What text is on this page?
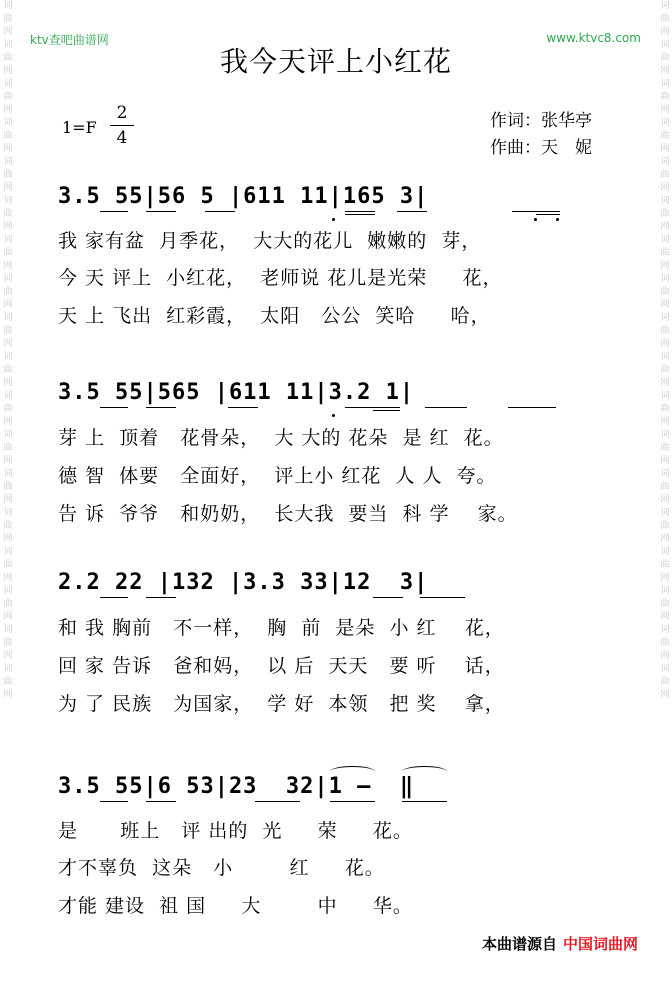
词
曲
网
词
曲
网
词
曲
网
词
曲
网
词
曲
网
词
曲
网
词
曲
网
词
曲
网
词
曲
网
词
曲
网
词
曲
网
词
曲
网
词
曲
网
词
曲
网
词
曲
网
词
曲
网
词
曲
网
词
曲
网
词
曲
网
词
曲
网
词
曲
网
词
曲
网
词
曲
网
词
曲
网
词
曲
网
词
曲
网
词
曲
网
词
曲
网
词
曲
网
词
曲
网
词
曲
网
词
曲
网
词
曲
网
词
曲
网
词
曲
网
词
曲
网
ktv查吧曲谱网	www.ktvc8.com
我今天评上小红花
1=F
2
4
作词：张华亭
作曲：天　妮
3.5 55|56 5 |611 11|165 3|
我 家有盆  月季花，  大大的花儿  嫩嫩的  芽，
今 天 评上  小红花，  老师说 花儿是光荣     花，
天 上 飞出  红彩霞，  太阳   公公  笑哈     哈，
3.5 55|565 |611 11|3.2 1|
芽 上  顶着   花骨朵，  大 大的 花朵  是 红  花。
德 智  体要   全面好，  评上小 红花  人 人  夸。
告 诉  爷爷   和奶奶，  长大我  要当  科 学    家。
2.2 22 |132 |3.3 33|12  3|
和 我 胸前   不一样，  胸  前  是朵  小 红    花，
回 家 告诉   爸和妈，  以 后  天天   要 听    话，
为 了 民族   为国家，  学 好  本领   把 奖    拿，
3.5 55|6 53|23  32|1 —  ‖
是      班上   评 出的  光     荣     花。
才不辜负  这朵   小        红     花。
才能 建设  祖 国     大        中     华。
本曲谱源自 中国词曲网
